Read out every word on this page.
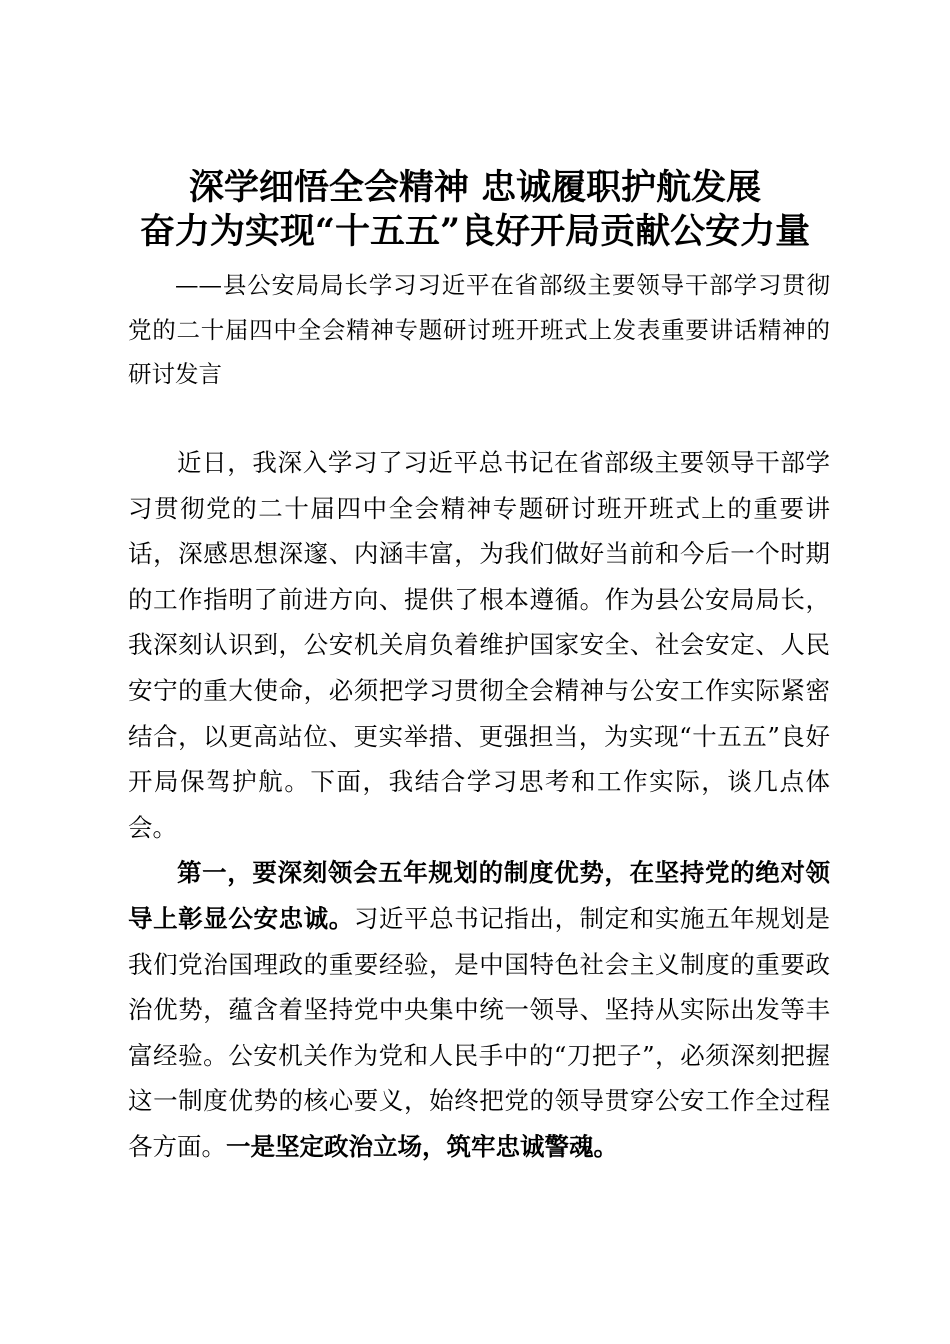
深学细悟全会精神 忠诚履职护航发展
奋力为实现“十五五”良好开局贡献公安力量

——县公安局局长学习习近平在省部级主要领导干部学习贯彻党的二十届四中全会精神专题研讨班开班式上发表重要讲话精神的研讨发言

近日，我深入学习了习近平总书记在省部级主要领导干部学习贯彻党的二十届四中全会精神专题研讨班开班式上的重要讲话，深感思想深邃、内涵丰富，为我们做好当前和今后一个时期的工作指明了前进方向、提供了根本遵循。作为县公安局局长，我深刻认识到，公安机关肩负着维护国家安全、社会安定、人民安宁的重大使命，必须把学习贯彻全会精神与公安工作实际紧密结合，以更高站位、更实举措、更强担当，为实现“十五五”良好开局保驾护航。下面，我结合学习思考和工作实际，谈几点体会。

第一，要深刻领会五年规划的制度优势，在坚持党的绝对领导上彰显公安忠诚。习近平总书记指出，制定和实施五年规划是我们党治国理政的重要经验，是中国特色社会主义制度的重要政治优势，蕴含着坚持党中央集中统一领导、坚持从实际出发等丰富经验。公安机关作为党和人民手中的“刀把子”，必须深刻把握这一制度优势的核心要义，始终把党的领导贯穿公安工作全过程各方面。一是坚定政治立场，筑牢忠诚警魂。
